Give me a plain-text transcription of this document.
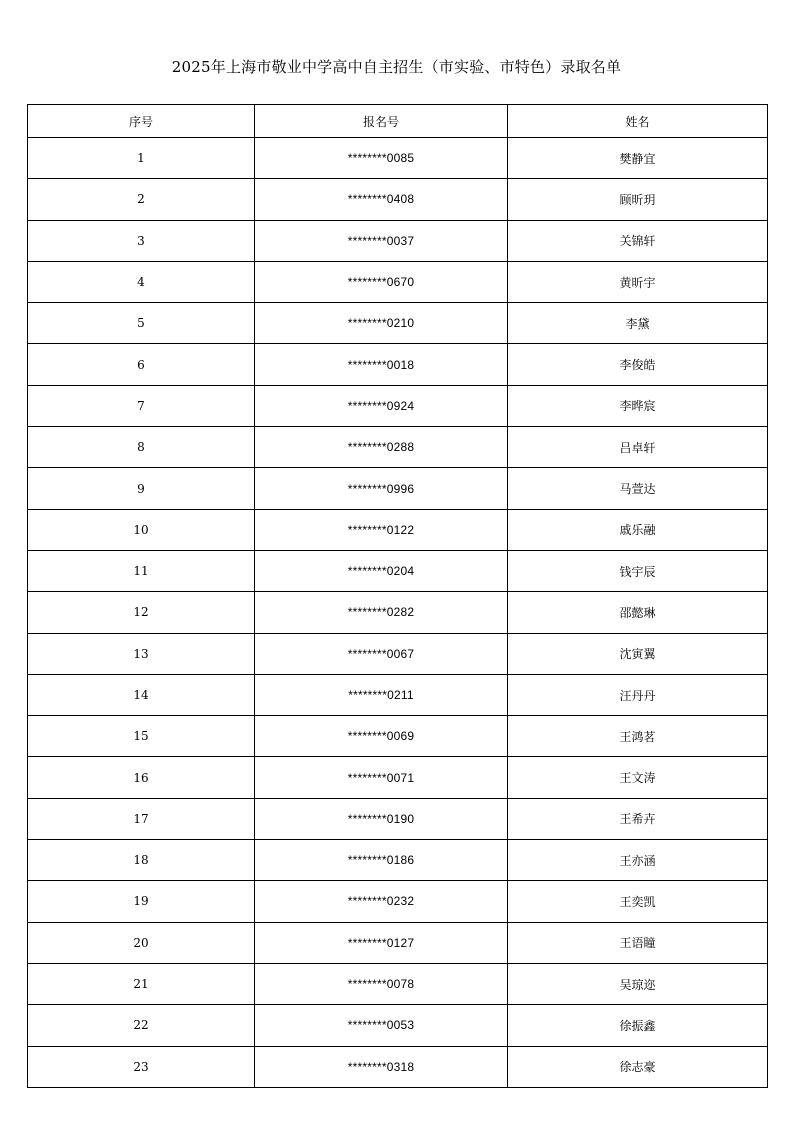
2025年上海市敬业中学高中自主招生（市实验、市特色）录取名单
序号	报名号	姓名
1	********0085	樊静宜
2	********0408	顾昕玥
3	********0037	关锦轩
4	********0670	黄昕宇
5	********0210	李黛
6	********0018	李俊皓
7	********0924	李晔宸
8	********0288	吕卓轩
9	********0996	马萱达
10	********0122	戚乐融
11	********0204	钱宇辰
12	********0282	邵懿琳
13	********0067	沈寅翼
14	********0211	汪丹丹
15	********0069	王鸿茗
16	********0071	王文涛
17	********0190	王希卉
18	********0186	王亦涵
19	********0232	王奕凯
20	********0127	王语瞳
21	********0078	吴琼迩
22	********0053	徐振鑫
23	********0318	徐志豪
